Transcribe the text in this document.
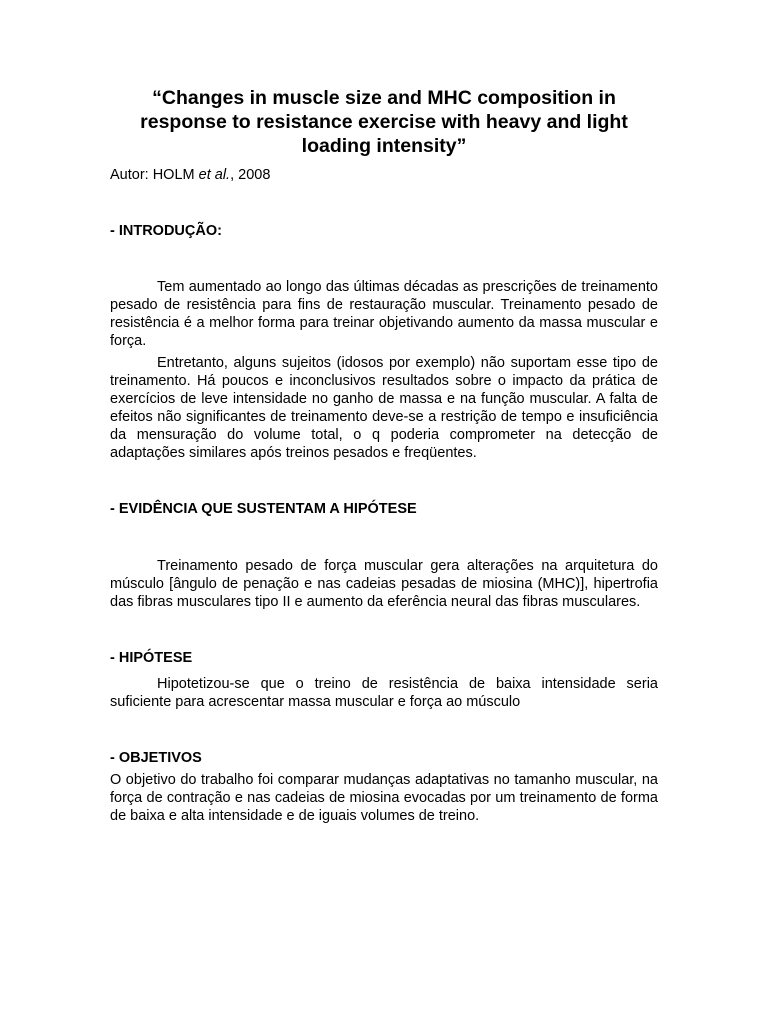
“Changes in muscle size and MHC composition in response to resistance exercise with heavy and light loading intensity”
Autor: HOLM et al., 2008
- INTRODUÇÃO:

Tem aumentado ao longo das últimas décadas as prescrições de treinamento pesado de resistência para fins de restauração muscular. Treinamento pesado de resistência é a melhor forma para treinar objetivando aumento da massa muscular e força.

Entretanto, alguns sujeitos (idosos por exemplo) não suportam esse tipo de treinamento. Há poucos e inconclusivos resultados sobre o impacto da prática de exercícios de leve intensidade no ganho de massa e na função muscular. A falta de efeitos não significantes de treinamento deve-se a restrição de tempo e insuficiência da mensuração do volume total, o q poderia comprometer na detecção de adaptações similares após treinos pesados e freqüentes.

- EVIDÊNCIA QUE SUSTENTAM A HIPÓTESE

Treinamento pesado de força muscular gera alterações na arquitetura do músculo [ângulo de penação e nas cadeias pesadas de miosina (MHC)], hipertrofia das fibras musculares tipo II e aumento da eferência neural das fibras musculares.

- HIPÓTESE

Hipotetizou-se que o treino de resistência de baixa intensidade seria suficiente para acrescentar massa muscular e força ao músculo

- OBJETIVOS

O objetivo do trabalho foi comparar mudanças adaptativas no tamanho muscular, na força de contração e nas cadeias de miosina evocadas por um treinamento de forma de baixa e alta intensidade e de iguais volumes de treino.
